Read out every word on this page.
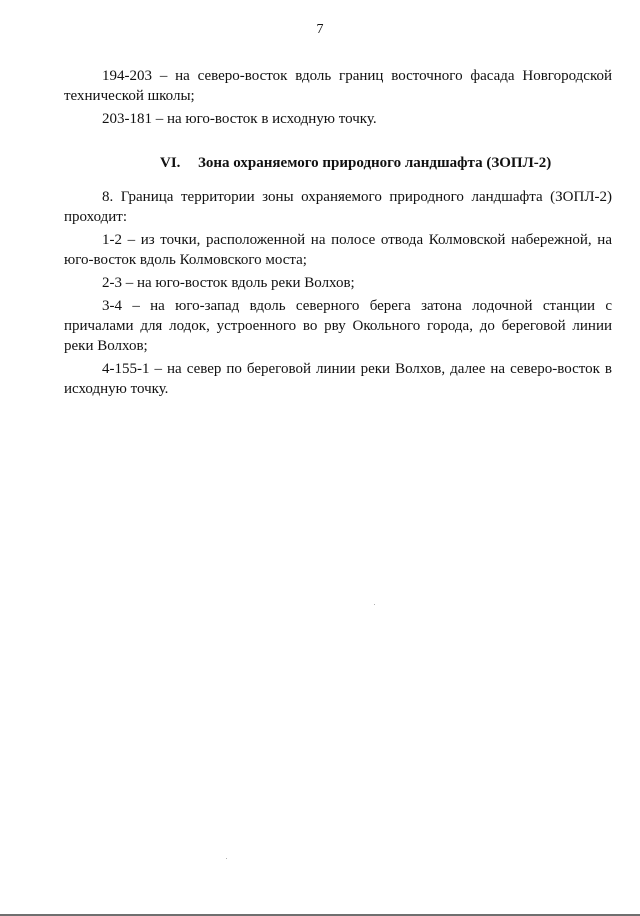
7

194-203 – на северо-восток вдоль границ восточного фасада Новгородской технической школы;

203-181 – на юго-восток в исходную точку.

VI. Зона охраняемого природного ландшафта (ЗОПЛ-2)

8. Граница территории зоны охраняемого природного ландшафта (ЗОПЛ-2) проходит:

1-2 – из точки, расположенной на полосе отвода Колмовской набережной, на юго-восток вдоль Колмовского моста;

2-3 – на юго-восток вдоль реки Волхов;

3-4 – на юго-запад вдоль северного берега затона лодочной станции с причалами для лодок, устроенного во рву Окольного города, до береговой линии реки Волхов;

4-155-1 – на север по береговой линии реки Волхов, далее на северо-восток в исходную точку.
